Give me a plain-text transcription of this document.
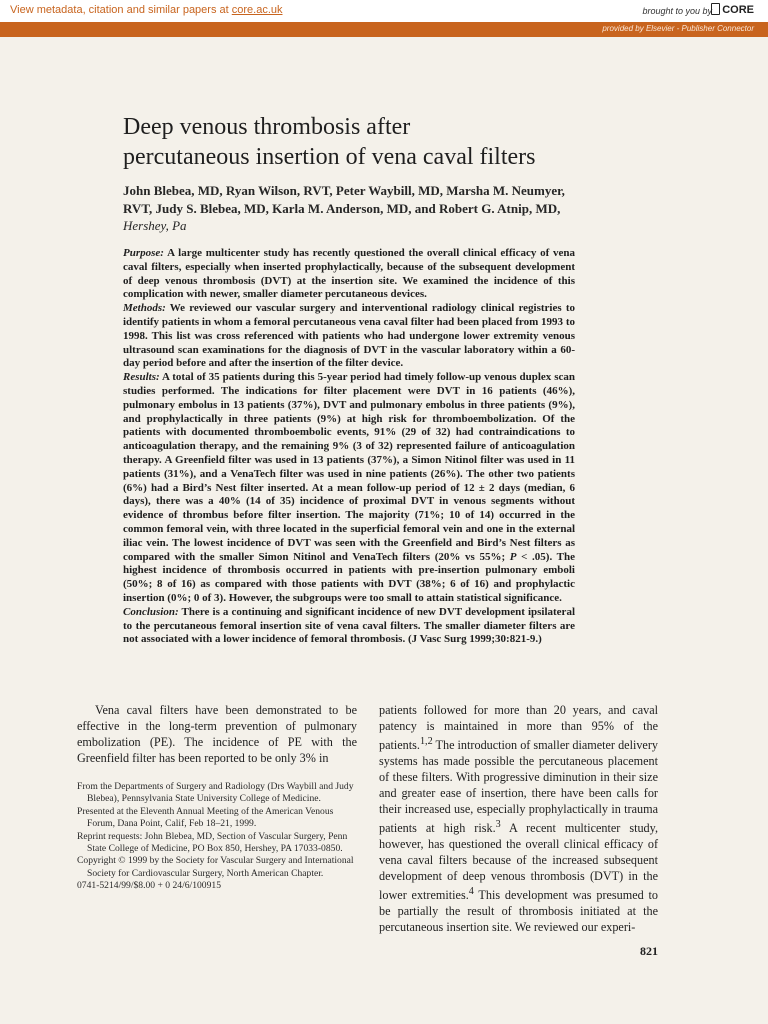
View metadata, citation and similar papers at core.ac.uk	brought to you by CORE
provided by Elsevier - Publisher Connector
Deep venous thrombosis after
percutaneous insertion of vena caval filters
John Blebea, MD, Ryan Wilson, RVT, Peter Waybill, MD, Marsha M. Neumyer, RVT, Judy S. Blebea, MD, Karla M. Anderson, MD, and Robert G. Atnip, MD, Hershey, Pa

Purpose: A large multicenter study has recently questioned the overall clinical efficacy of vena caval filters, especially when inserted prophylactically, because of the subsequent development of deep venous thrombosis (DVT) at the insertion site. We examined the incidence of this complication with newer, smaller diameter percutaneous devices.

Methods: We reviewed our vascular surgery and interventional radiology clinical registries to identify patients in whom a femoral percutaneous vena caval filter had been placed from 1993 to 1998. This list was cross referenced with patients who had undergone lower extremity venous ultrasound scan examinations for the diagnosis of DVT in the vascular laboratory within a 60-day period before and after the insertion of the filter device.

Results: A total of 35 patients during this 5-year period had timely follow-up venous duplex scan studies performed. The indications for filter placement were DVT in 16 patients (46%), pulmonary embolus in 13 patients (37%), DVT and pulmonary embolus in three patients (9%), and prophylactically in three patients (9%) at high risk for thromboembolization. Of the patients with documented thromboembolic events, 91% (29 of 32) had contraindications to anticoagulation therapy, and the remaining 9% (3 of 32) represented failure of anticoagulation therapy. A Greenfield filter was used in 13 patients (37%), a Simon Nitinol filter was used in 11 patients (31%), and a VenaTech filter was used in nine patients (26%). The other two patients (6%) had a Bird’s Nest filter inserted. At a mean follow-up period of 12 ± 2 days (median, 6 days), there was a 40% (14 of 35) incidence of proximal DVT in venous segments without evidence of thrombus before filter insertion. The majority (71%; 10 of 14) occurred in the common femoral vein, with three located in the superficial femoral vein and one in the external iliac vein. The lowest incidence of DVT was seen with the Greenfield and Bird’s Nest filters as compared with the smaller Simon Nitinol and VenaTech filters (20% vs 55%; P < .05). The highest incidence of thrombosis occurred in patients with pre-insertion pulmonary emboli (50%; 8 of 16) as compared with those patients with DVT (38%; 6 of 16) and prophylactic insertion (0%; 0 of 3). However, the subgroups were too small to attain statistical significance.

Conclusion: There is a continuing and significant incidence of new DVT development ipsilateral to the percutaneous femoral insertion site of vena caval filters. The smaller diameter filters are not associated with a lower incidence of femoral thrombosis. (J Vasc Surg 1999;30:821-9.)

Vena caval filters have been demonstrated to be effective in the long-term prevention of pulmonary embolization (PE). The incidence of PE with the Greenfield filter has been reported to be only 3% in

From the Departments of Surgery and Radiology (Drs Waybill and Judy Blebea), Pennsylvania State University College of Medicine.

Presented at the Eleventh Annual Meeting of the American Venous Forum, Dana Point, Calif, Feb 18–21, 1999.

Reprint requests: John Blebea, MD, Section of Vascular Surgery, Penn State College of Medicine, PO Box 850, Hershey, PA 17033-0850.

Copyright © 1999 by the Society for Vascular Surgery and International Society for Cardiovascular Surgery, North American Chapter.

0741-5214/99/$8.00 + 0 24/6/100915

patients followed for more than 20 years, and caval patency is maintained in more than 95% of the patients.$^{1,2}$ The introduction of smaller diameter delivery systems has made possible the percutaneous placement of these filters. With progressive diminution in their size and greater ease of insertion, there have been calls for their increased use, especially prophylactically in trauma patients at high risk.$^3$ A recent multicenter study, however, has questioned the overall clinical efficacy of vena caval filters because of the increased subsequent development of deep venous thrombosis (DVT) in the lower extremities.$^4$ This development was presumed to be partially the result of thrombosis initiated at the percutaneous insertion site. We reviewed our experi-

821
